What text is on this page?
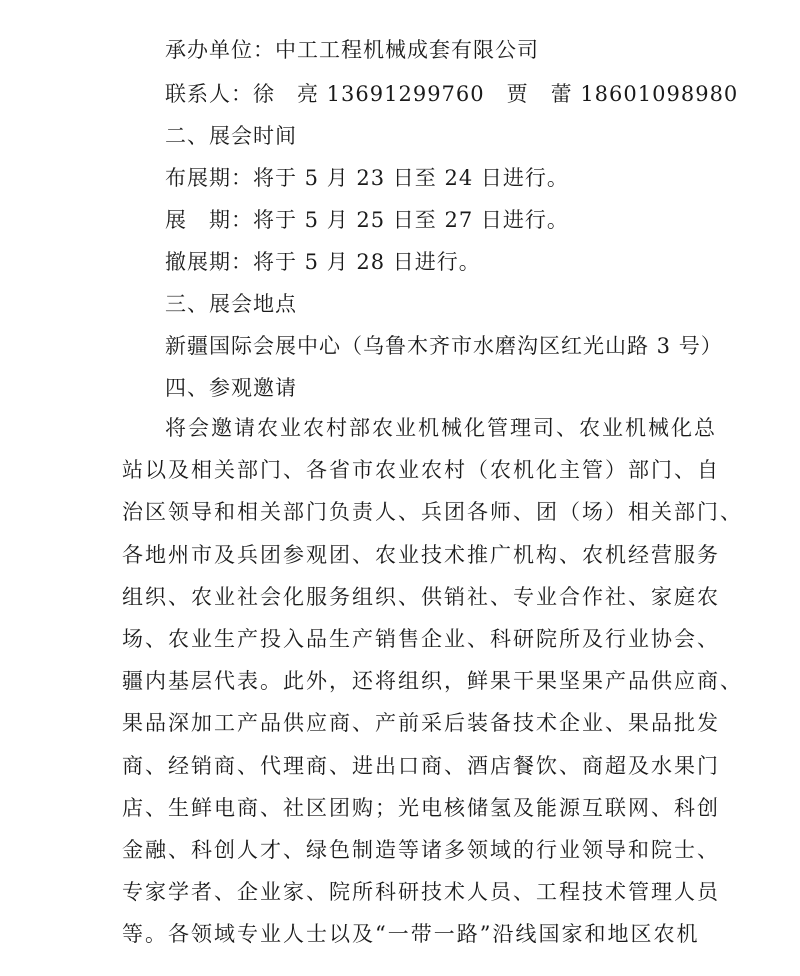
承办单位：中工工程机械成套有限公司
联系人：徐　亮 13691299760　贾　蕾 18601098980
二、展会时间
布展期：将于 5 月 23 日至 24 日进行。
展　期：将于 5 月 25 日至 27 日进行。
撤展期：将于 5 月 28 日进行。
三、展会地点
新疆国际会展中心（乌鲁木齐市水磨沟区红光山路 3 号）
四、参观邀请
将会邀请农业农村部农业机械化管理司、农业机械化总
站以及相关部门、各省市农业农村（农机化主管）部门、自
治区领导和相关部门负责人、兵团各师、团（场）相关部门、
各地州市及兵团参观团、农业技术推广机构、农机经营服务
组织、农业社会化服务组织、供销社、专业合作社、家庭农
场、农业生产投入品生产销售企业、科研院所及行业协会、
疆内基层代表。此外，还将组织，鲜果干果坚果产品供应商、
果品深加工产品供应商、产前采后装备技术企业、果品批发
商、经销商、代理商、进出口商、酒店餐饮、商超及水果门
店、生鲜电商、社区团购；光电核储氢及能源互联网、科创
金融、科创人才、绿色制造等诸多领域的行业领导和院士、
专家学者、企业家、院所科研技术人员、工程技术管理人员
等。各领域专业人士以及“一带一路”沿线国家和地区农机
